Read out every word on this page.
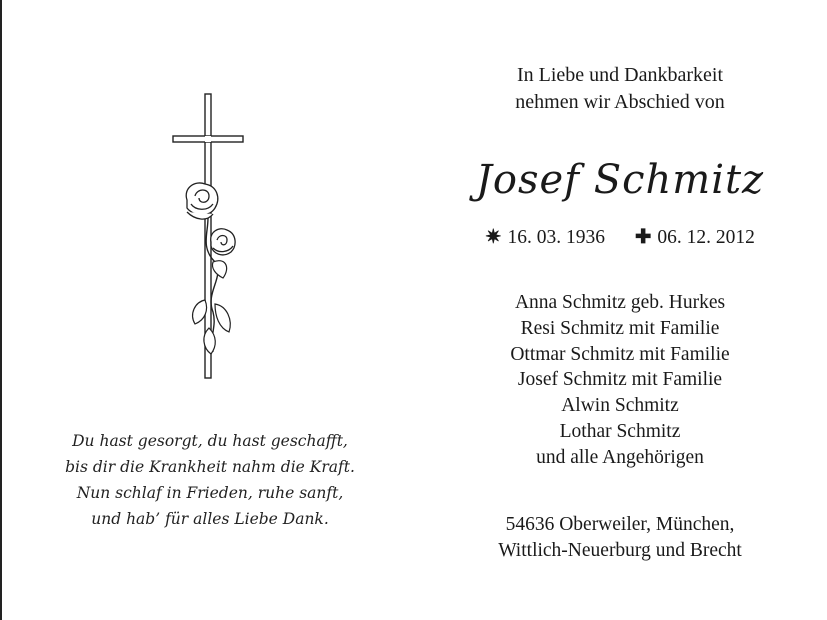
Du hast gesorgt, du hast geschafft,
bis dir die Krankheit nahm die Kraft.
Nun schlaf in Frieden, ruhe sanft,
und hab’ für alles Liebe Dank.
In Liebe und Dankbarkeit
nehmen wir Abschied von
Josef Schmitz
✷ 16. 03. 1936 ✚ 06. 12. 2012
Anna Schmitz geb. Hurkes
Resi Schmitz mit Familie
Ottmar Schmitz mit Familie
Josef Schmitz mit Familie
Alwin Schmitz
Lothar Schmitz
und alle Angehörigen
54636 Oberweiler, München,
Wittlich-Neuerburg und Brecht
